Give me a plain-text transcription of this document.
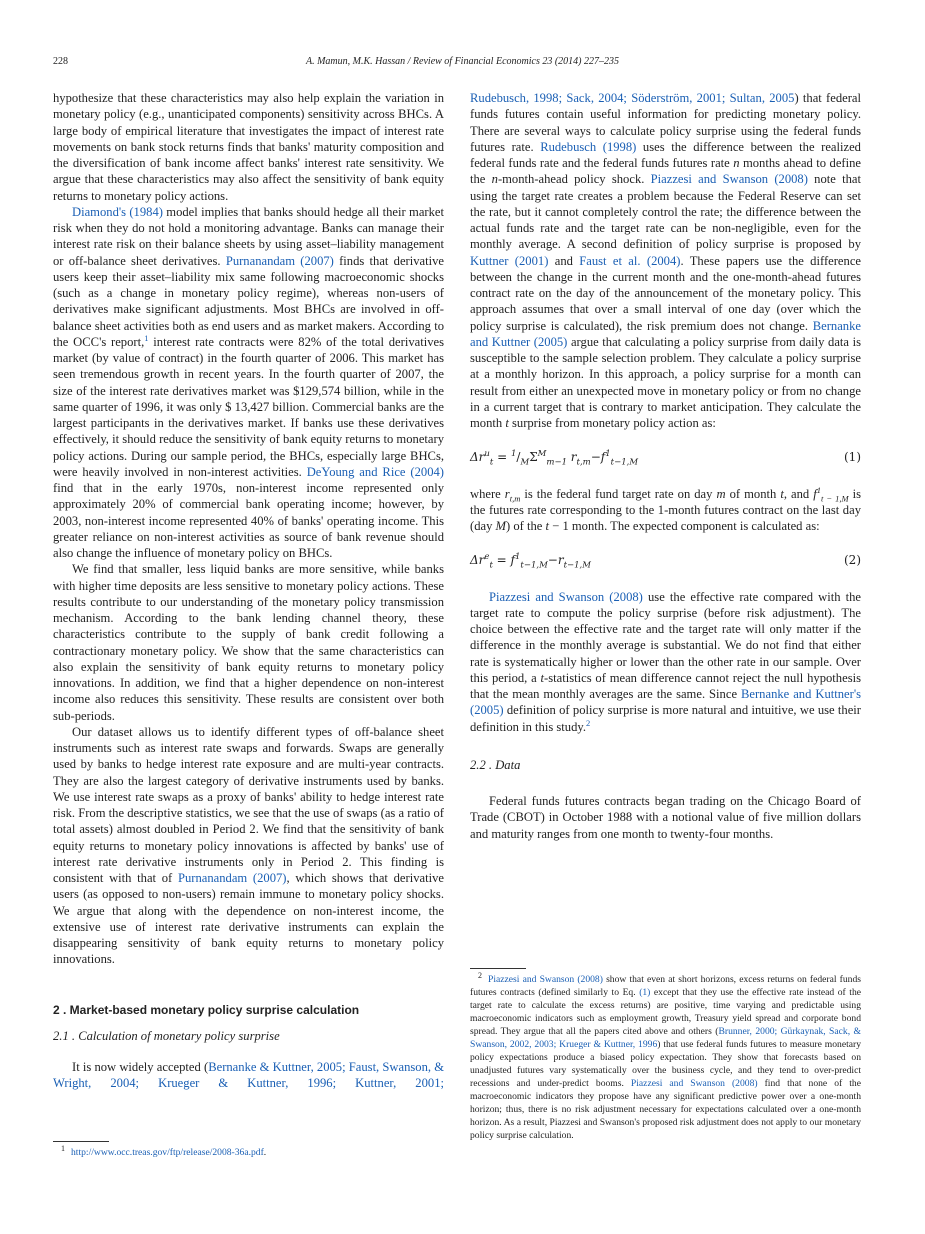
228	A. Mamun, M.K. Hassan / Review of Financial Economics 23 (2014) 227–235

hypothesize that these characteristics may also help explain the variation in monetary policy (e.g., unanticipated components) sensitivity across BHCs. A large body of empirical literature that investigates the impact of interest rate movements on bank stock returns finds that banks' maturity composition and the diversification of bank income affect banks' interest rate sensitivity. We argue that these characteristics may also affect the sensitivity of bank equity returns to monetary policy actions.

Diamond's (1984) model implies that banks should hedge all their market risk when they do not hold a monitoring advantage. Banks can manage their interest rate risk on their balance sheets by using asset–liability management or off-balance sheet derivatives. Purnanandam (2007) finds that derivative users keep their asset–liability mix same following macroeconomic shocks (such as a change in monetary policy regime), whereas non-users of derivatives make significant adjustments. Most BHCs are involved in off-balance sheet activities both as end users and as market makers. According to the OCC's report,$^1$ interest rate contracts were 82% of the total derivatives market (by value of contract) in the fourth quarter of 2006. This market has seen tremendous growth in recent years. In the fourth quarter of 2007, the size of the interest rate derivatives market was $129,574 billion, while in the same quarter of 1996, it was only $ 13,427 billion. Commercial banks are the largest participants in the derivatives market. If banks use these derivatives effectively, it should reduce the sensitivity of bank equity returns to monetary policy actions. During our sample period, the BHCs, especially large BHCs, were heavily involved in non-interest activities. DeYoung and Rice (2004) find that in the early 1970s, non-interest income represented only approximately 20% of commercial bank operating income; however, by 2003, non-interest income represented 40% of banks' operating income. This greater reliance on non-interest activities as source of bank revenue should also change the influence of monetary policy on BHCs.

We find that smaller, less liquid banks are more sensitive, while banks with higher time deposits are less sensitive to monetary policy actions. These results contribute to our understanding of the monetary policy transmission mechanism. According to the bank lending channel theory, these characteristics contribute to the supply of bank credit following a contractionary monetary policy. We show that the same characteristics can also explain the sensitivity of bank equity returns to monetary policy innovations. In addition, we find that a higher dependence on non-interest income also reduces this sensitivity. These results are consistent over both sub-periods.

Our dataset allows us to identify different types of off-balance sheet instruments such as interest rate swaps and forwards. Swaps are generally used by banks to hedge interest rate exposure and are multi-year contracts. They are also the largest category of derivative instruments used by banks. We use interest rate swaps as a proxy of banks' ability to hedge interest rate risk. From the descriptive statistics, we see that the use of swaps (as a ratio of total assets) almost doubled in Period 2. We find that the sensitivity of bank equity returns to monetary policy innovations is affected by banks' use of interest rate derivative instruments only in Period 2. This finding is consistent with that of Purnanandam (2007), which shows that derivative users (as opposed to non-users) remain immune to monetary policy shocks. We argue that along with the dependence on non-interest income, the extensive use of interest rate derivative instruments can explain the disappearing sensitivity of bank equity returns to monetary policy innovations.

2 . Market-based monetary policy surprise calculation
2.1 . Calculation of monetary policy surprise

It is now widely accepted (Bernanke & Kuttner, 2005; Faust, Swanson, & Wright, 2004; Krueger & Kuttner, 1996; Kuttner, 2001;

Rudebusch, 1998; Sack, 2004; Söderström, 2001; Sultan, 2005) that federal funds futures contain useful information for predicting monetary policy. There are several ways to calculate policy surprise using the federal funds futures rate. Rudebusch (1998) uses the difference between the realized federal funds rate and the federal funds futures rate n months ahead to define the n-month-ahead policy shock. Piazzesi and Swanson (2008) note that using the target rate creates a problem because the Federal Reserve can set the rate, but it cannot completely control the rate; the difference between the actual funds rate and the target rate can be non-negligible, even for the monthly average. A second definition of policy surprise is proposed by Kuttner (2001) and Faust et al. (2004). These papers use the difference between the change in the current month and the one-month-ahead futures contract rate on the day of the announcement of the monetary policy. This approach assumes that over a small interval of one day (over which the policy surprise is calculated), the risk premium does not change. Bernanke and Kuttner (2005) argue that calculating a policy surprise from daily data is susceptible to the sample selection problem. They calculate a policy surprise at a monthly horizon. In this approach, a policy surprise for a month can result from either an unexpected move in monetary policy or from no change in a current target that is contrary to market anticipation. They calculate the month t surprise from monetary policy action as:

$\Delta r^u_t = ^1/_M\Sigma^M_{m-1}$ $r_{t,m}-f^1_{t-1,M}$	(1)

where $r_{t,m}$ is the federal fund target rate on day m of month t, and $f^1_{t - 1,M}$ is the futures rate corresponding to the 1-month futures contract on the last day (day M) of the t − 1 month. The expected component is calculated as:

$\Delta r^e_t = f^1_{t-1,M}-r_{t-1,M}$	(2)

Piazzesi and Swanson (2008) use the effective rate compared with the target rate to compute the policy surprise (before risk adjustment). The choice between the effective rate and the target rate will only matter if the difference in the monthly average is substantial. We do not find that either rate is systematically higher or lower than the other rate in our sample. Over this period, a t-statistics of mean difference cannot reject the null hypothesis that the mean monthly averages are the same. Since Bernanke and Kuttner's (2005) definition of policy surprise is more natural and intuitive, we use their definition in this study.$^2$

2.2 . Data

Federal funds futures contracts began trading on the Chicago Board of Trade (CBOT) in October 1988 with a notional value of five million dollars and maturity ranges from one month to twenty-four months.

$^1$ http://www.occ.treas.gov/ftp/release/2008-36a.pdf.
$^2$ Piazzesi and Swanson (2008) show that even at short horizons, excess returns on federal funds futures contracts (defined similarly to Eq. (1) except that they use the effective rate instead of the target rate to calculate the excess returns) are positive, time varying and predictable using macroeconomic indicators such as employment growth, Treasury yield spread and corporate bond spread. They argue that all the papers cited above and others (Brunner, 2000; Gürkaynak, Sack, & Swanson, 2002, 2003; Krueger & Kuttner, 1996) that use federal funds futures to measure monetary policy expectations produce a biased policy expectation. They show that forecasts based on unadjusted futures vary systematically over the business cycle, and they tend to over-predict recessions and under-predict booms. Piazzesi and Swanson (2008) find that none of the macroeconomic indicators they propose have any significant predictive power over a one-month horizon; thus, there is no risk adjustment necessary for expectations calculated over a one-month horizon. As a result, Piazzesi and Swanson's proposed risk adjustment does not apply to our monetary policy surprise calculation.
